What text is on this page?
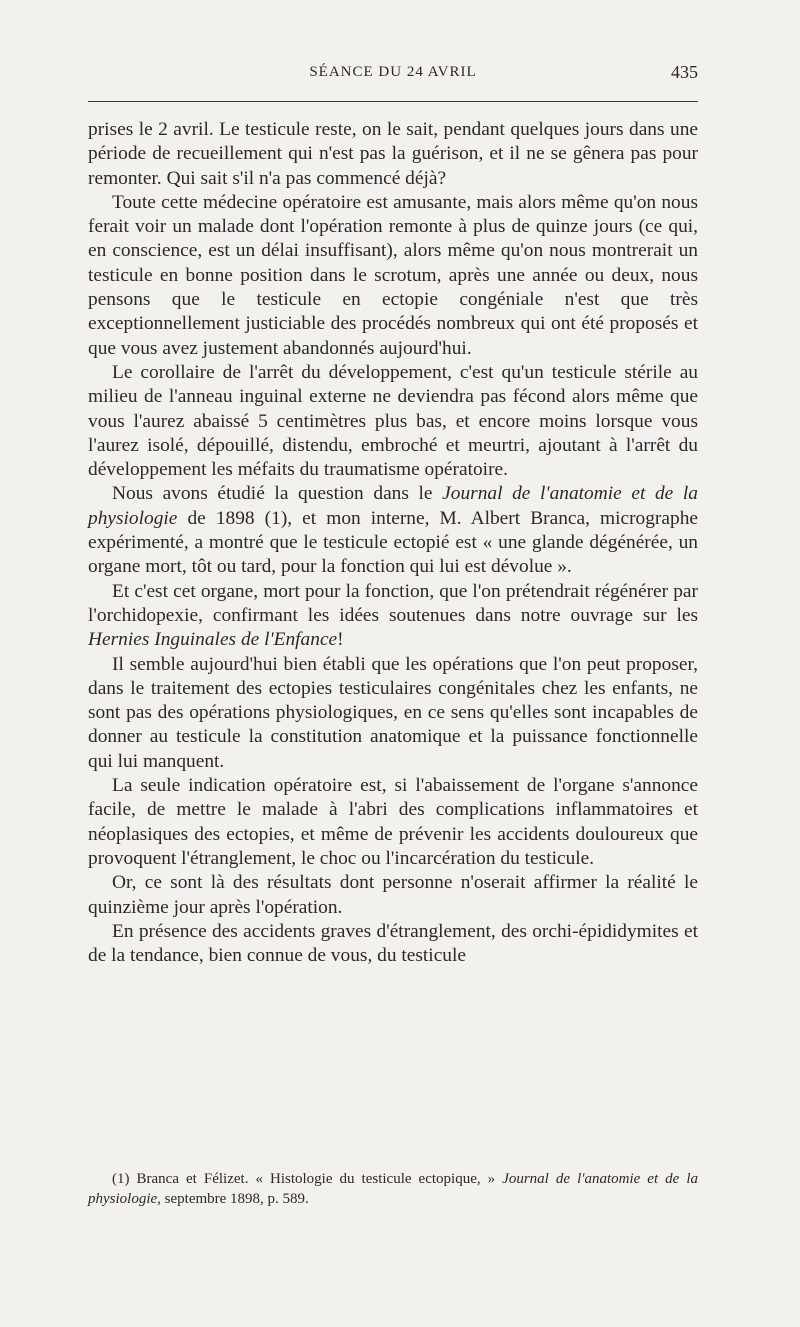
SÉANCE DU 24 AVRIL	435

prises le 2 avril. Le testicule reste, on le sait, pendant quelques jours dans une période de recueillement qui n'est pas la guérison, et il ne se gênera pas pour remonter. Qui sait s'il n'a pas commencé déjà?

Toute cette médecine opératoire est amusante, mais alors même qu'on nous ferait voir un malade dont l'opération remonte à plus de quinze jours (ce qui, en conscience, est un délai insuffisant), alors même qu'on nous montrerait un testicule en bonne position dans le scrotum, après une année ou deux, nous pensons que le testicule en ectopie congéniale n'est que très exceptionnellement justiciable des procédés nombreux qui ont été proposés et que vous avez justement abandonnés aujourd'hui.

Le corollaire de l'arrêt du développement, c'est qu'un testicule stérile au milieu de l'anneau inguinal externe ne deviendra pas fécond alors même que vous l'aurez abaissé 5 centimètres plus bas, et encore moins lorsque vous l'aurez isolé, dépouillé, distendu, embroché et meurtri, ajoutant à l'arrêt du développement les méfaits du traumatisme opératoire.

Nous avons étudié la question dans le Journal de l'anatomie et de la physiologie de 1898 (1), et mon interne, M. Albert Branca, micrographe expérimenté, a montré que le testicule ectopié est « une glande dégénérée, un organe mort, tôt ou tard, pour la fonction qui lui est dévolue ».

Et c'est cet organe, mort pour la fonction, que l'on prétendrait régénérer par l'orchidopexie, confirmant les idées soutenues dans notre ouvrage sur les Hernies Inguinales de l'Enfance!

Il semble aujourd'hui bien établi que les opérations que l'on peut proposer, dans le traitement des ectopies testiculaires congénitales chez les enfants, ne sont pas des opérations physiologiques, en ce sens qu'elles sont incapables de donner au testicule la constitution anatomique et la puissance fonctionnelle qui lui manquent.

La seule indication opératoire est, si l'abaissement de l'organe s'annonce facile, de mettre le malade à l'abri des complications inflammatoires et néoplasiques des ectopies, et même de prévenir les accidents douloureux que provoquent l'étranglement, le choc ou l'incarcération du testicule.

Or, ce sont là des résultats dont personne n'oserait affirmer la réalité le quinzième jour après l'opération.

En présence des accidents graves d'étranglement, des orchi-épididymites et de la tendance, bien connue de vous, du testicule

(1) Branca et Félizet. « Histologie du testicule ectopique, » Journal de l'anatomie et de la physiologie, septembre 1898, p. 589.
